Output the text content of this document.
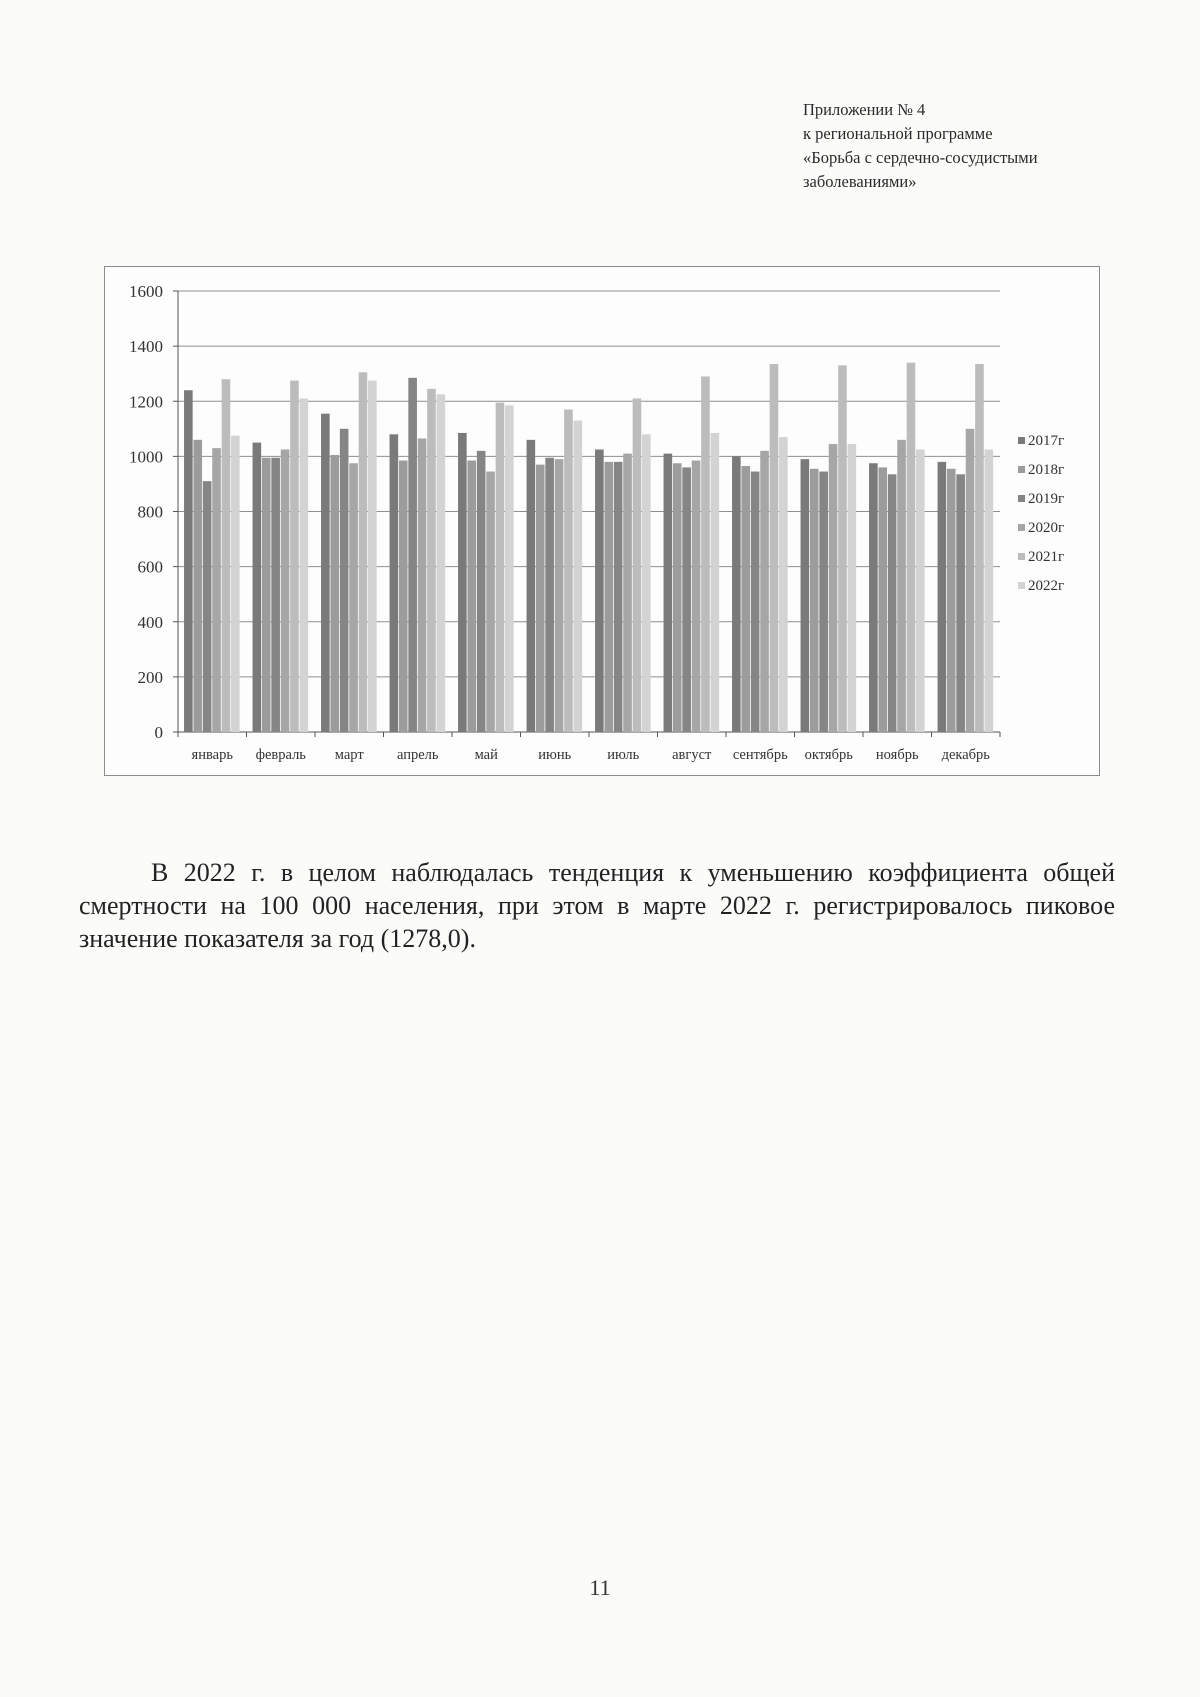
Приложении № 4
к региональной программе
«Борьба с сердечно-сосудистыми
заболеваниями»
0
200
400
600
800
1000
1200
1400
1600
январь февраль март апрель май	июнь июль август сентябрь октябрь ноябрь декабрь
2017г
2018г
2019г
2020г
2021г
2022г

В 2022 г. в целом наблюдалась тенденция к уменьшению коэффициента общей смертности на 100 000 населения, при этом в марте 2022 г. регистрировалось пиковое значение показателя за год (1278,0).

11
